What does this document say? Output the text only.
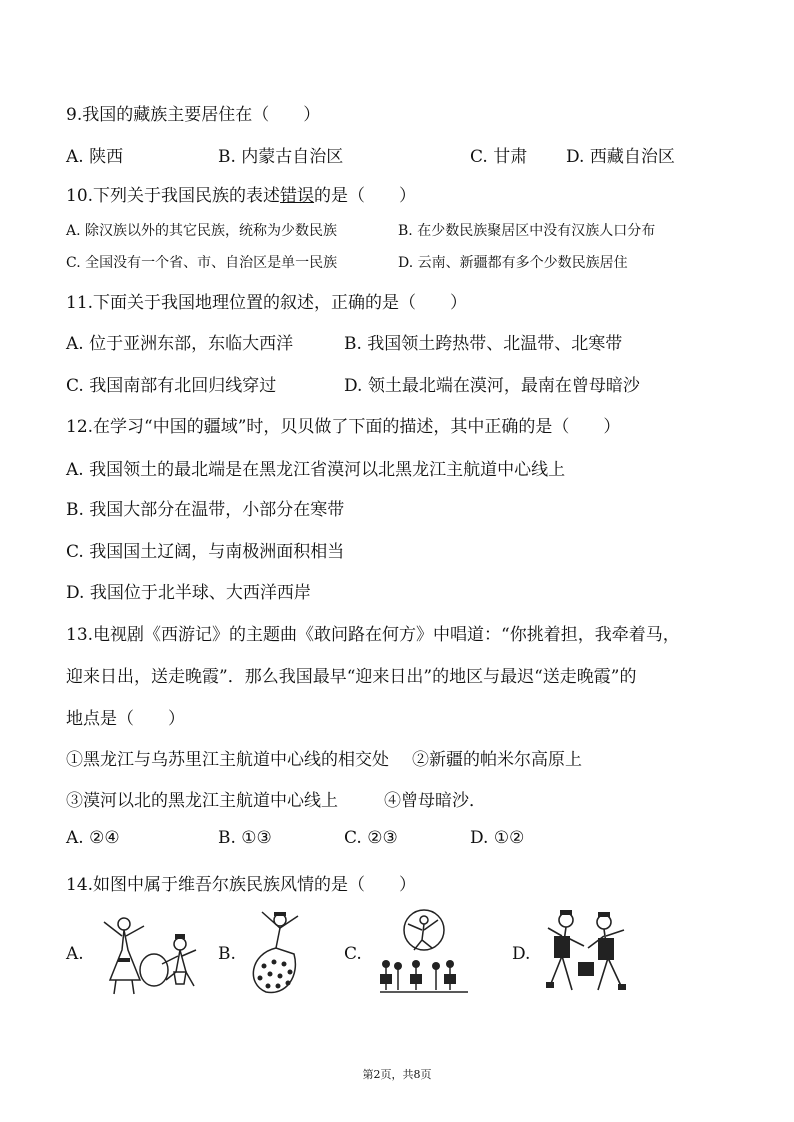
9.我国的藏族主要居住在（　　）
A. 陕西	B. 内蒙古自治区	C. 甘肃 D. 西藏自治区
10.下列关于我国民族的表述错误的是（　　）
A. 除汉族以外的其它民族，统称为少数民族	B. 在少数民族聚居区中没有汉族人口分布
C. 全国没有一个省、市、自治区是单一民族	D. 云南、新疆都有多个少数民族居住
11.下面关于我国地理位置的叙述，正确的是（　　）
A. 位于亚洲东部，东临大西洋	B. 我国领土跨热带、北温带、北寒带
C. 我国南部有北回归线穿过	D. 领土最北端在漠河，最南在曾母暗沙
12.在学习“中国的疆域”时，贝贝做了下面的描述，其中正确的是（　　）
A. 我国领土的最北端是在黑龙江省漠河以北黑龙江主航道中心线上
B. 我国大部分在温带，小部分在寒带
C. 我国国土辽阔，与南极洲面积相当
D. 我国位于北半球、大西洋西岸
13.电视剧《西游记》的主题曲《敢问路在何方》中唱道：“你挑着担，我牵着马，
迎来日出，送走晚霞”．那么我国最早“迎来日出”的地区与最迟“送走晚霞”的
地点是（　　）
①黑龙江与乌苏里江主航道中心线的相交处 ②新疆的帕米尔高原上
③漠河以北的黑龙江主航道中心线上	④曾母暗沙．
A. ②④	B. ①③	C. ②③	D. ①②
14.如图中属于维吾尔族民族风情的是（　　）
A.	B.	C.	D.
第2页，共8页
